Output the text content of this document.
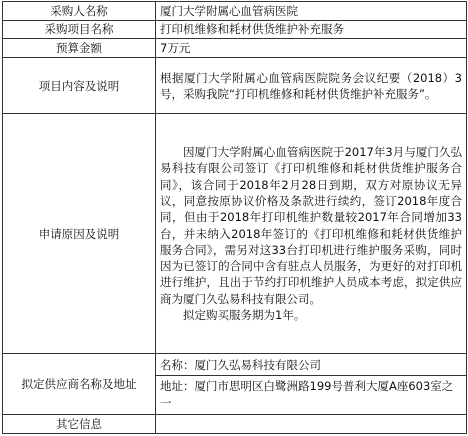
采购人名称	厦门大学附属心血管病医院
采购项目名称	打印机维修和耗材供货维护补充服务
预算金额	7万元
项目内容及说明	根据厦门大学附属心血管病医院院务会议纪要（2018）3号，采购我院“打印机维修和耗材供货维护补充服务”。
申请原因及说明	因厦门大学附属心血管病医院于2017年3月与厦门久弘易科技有限公司签订《打印机维修和耗材供货维护服务合同》，该合同于2018年2月28日到期，双方对原协议无异议，同意按原协议价格及条款进行续约，签订2018年度合同，但由于2018年打印机维护数量较2017年合同增加33台，并未纳入2018年签订的《打印机维修和耗材供货维护服务合同》，需另对这33台打印机进行维护服务采购，同时因为已签订的合同中含有驻点人员服务，为更好的对打印机进行维护，且出于节约打印机维护人员成本考虑，拟定供应商为厦门久弘易科技有限公司。

拟定购买服务期为1年。

拟定供应商名称及地址	名称：厦门久弘易科技有限公司
地址：厦门市思明区白鹭洲路199号普利大厦A座603室之一

其它信息	
